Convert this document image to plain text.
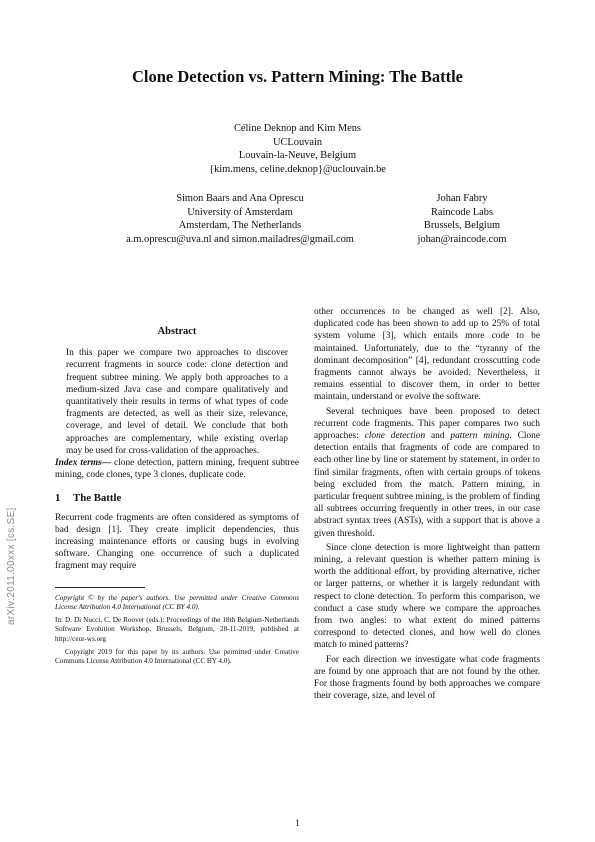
Clone Detection vs. Pattern Mining: The Battle
Céline Deknop and Kim Mens
UCLouvain
Louvain-la-Neuve, Belgium
{kim.mens, celine.deknop}@uclouvain.be
Simon Baars and Ana Oprescu
University of Amsterdam
Amsterdam, The Netherlands
a.m.oprescu@uva.nl and simon.mailadres@gmail.com
Johan Fabry
Raincode Labs
Brussels, Belgium
johan@raincode.com
arXiv:2011.00xxx [cs.SE]
Abstract

In this paper we compare two approaches to discover recurrent fragments in source code: clone detection and frequent subtree mining. We apply both approaches to a medium-sized Java case and compare qualitatively and quantitatively their results in terms of what types of code fragments are detected, as well as their size, relevance, coverage, and level of detail. We conclude that both approaches are complementary, while existing overlap may be used for cross-validation of the approaches.

Index terms— clone detection, pattern mining, frequent subtree mining, code clones, type 3 clones, duplicate code.

1 The Battle

Recurrent code fragments are often considered as symptoms of bad design [1]. They create implicit dependencies, thus increasing maintenance efforts or causing bugs in evolving software. Changing one occurrence of such a duplicated fragment may require

Copyright © by the paper's authors. Use permitted under Creative Commons License Attribution 4.0 International (CC BY 4.0).

In: D. Di Nucci, C. De Roover (eds.): Proceedings of the 18th Belgium-Netherlands Software Evolution Workshop, Brussels, Belgium, 28-11-2019, published at http://ceur-ws.org

Copyright 2019 for this paper by its authors. Use permitted under Creative Commons License Attribution 4.0 International (CC BY 4.0).

other occurrences to be changed as well [2]. Also, duplicated code has been shown to add up to 25% of total system volume [3], which entails more code to be maintained. Unfortunately, due to the “tyranny of the dominant decomposition” [4], redundant crosscutting code fragments cannot always be avoided. Nevertheless, it remains essential to discover them, in order to better maintain, understand or evolve the software.

Several techniques have been proposed to detect recurrent code fragments. This paper compares two such approaches: clone detection and pattern mining. Clone detection entails that fragments of code are compared to each other line by line or statement by statement, in order to find similar fragments, often with certain groups of tokens being excluded from the match. Pattern mining, in particular frequent subtree mining, is the problem of finding all subtrees occurring frequently in other trees, in our case abstract syntax trees (ASTs), with a support that is above a given threshold.

Since clone detection is more lightweight than pattern mining, a relevant question is whether pattern mining is worth the additional effort, by providing alternative, richer or larger patterns, or whether it is largely redundant with respect to clone detection. To perform this comparison, we conduct a case study where we compare the approaches from two angles: to what extent do mined patterns correspond to detected clones, and how well do clones match to mined patterns?

For each direction we investigate what code fragments are found by one approach that are not found by the other. For those fragments found by both approaches we compare their coverage, size, and level of

1
